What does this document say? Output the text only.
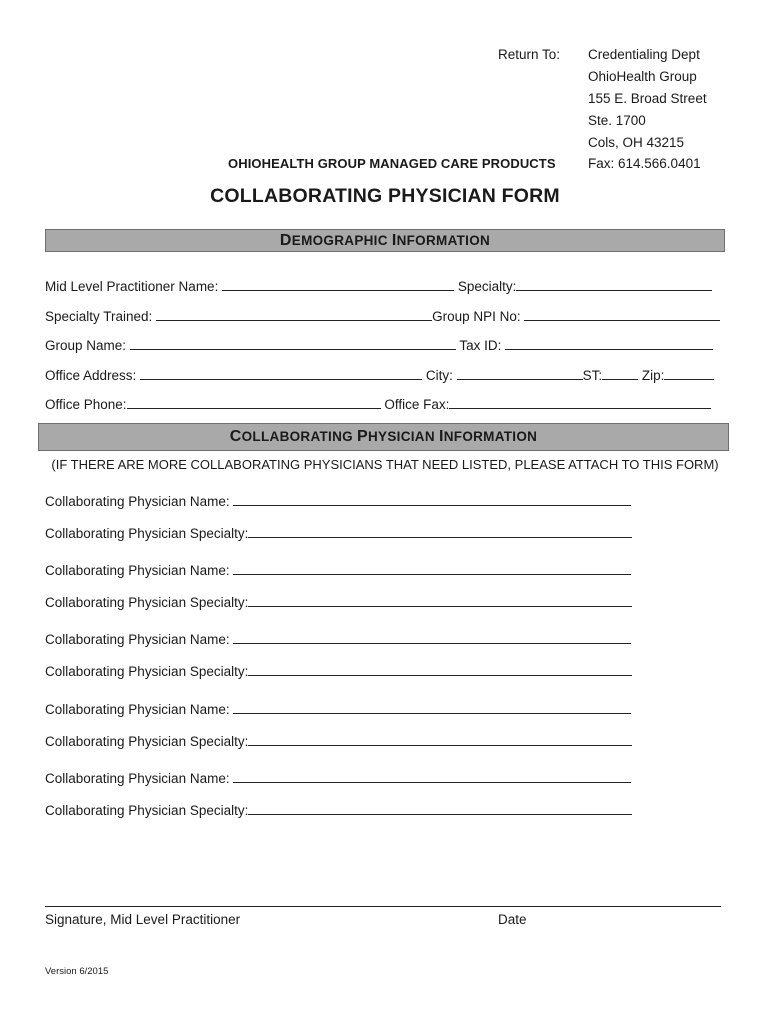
Return To: Credentialing Dept
OhioHealth Group
155 E. Broad Street
Ste. 1700
Cols, OH 43215
Fax: 614.566.0401
OHIOHEALTH GROUP MANAGED CARE PRODUCTS
COLLABORATING PHYSICIAN FORM
DEMOGRAPHIC INFORMATION
Mid Level Practitioner Name:	Specialty:
Specialty Trained:	Group NPI No:
Group Name:	Tax ID:
Office Address:	City:	ST:	Zip:
Office Phone:	Office Fax:
COLLABORATING PHYSICIAN INFORMATION
(IF THERE ARE MORE COLLABORATING PHYSICIANS THAT NEED LISTED, PLEASE ATTACH TO THIS FORM)
Collaborating Physician Name:
Collaborating Physician Specialty:
Collaborating Physician Name:
Collaborating Physician Specialty:
Collaborating Physician Name:
Collaborating Physician Specialty:
Collaborating Physician Name:
Collaborating Physician Specialty:
Collaborating Physician Name:
Collaborating Physician Specialty:
Signature, Mid Level Practitioner	Date
Version 6/2015
